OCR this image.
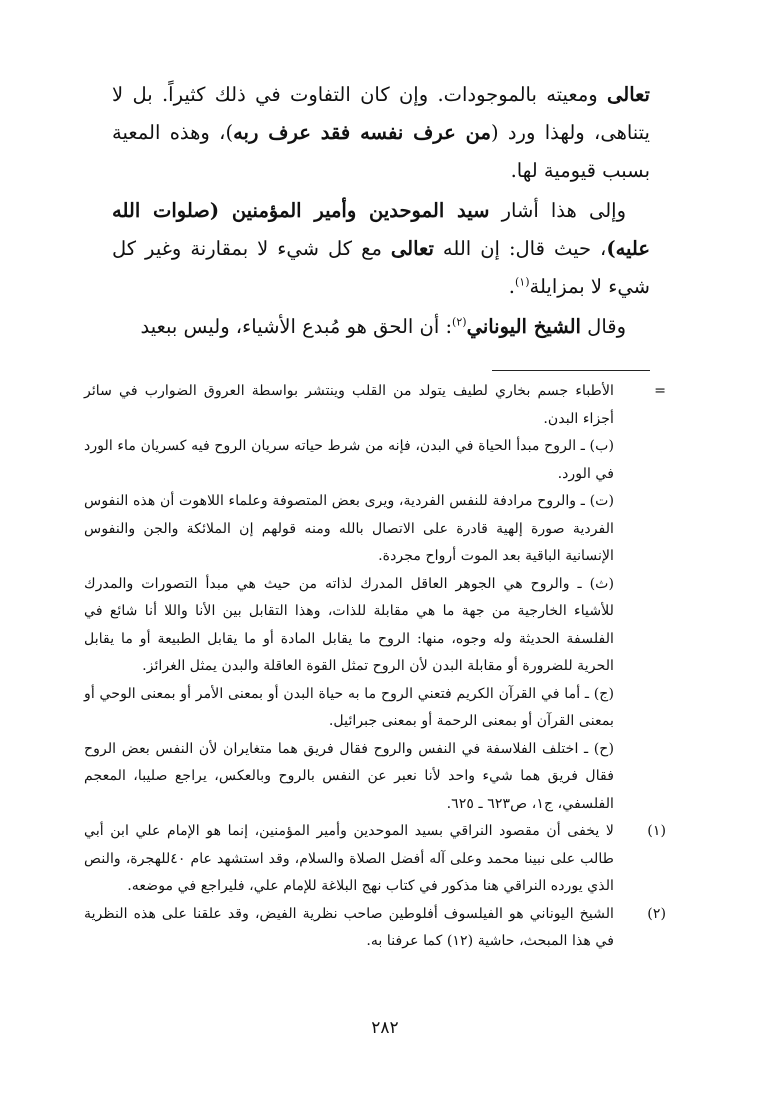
تعالى ومعيته بالموجودات. وإن كان التفاوت في ذلك كثيراً. بل لا يتناهى، ولهذا ورد (من عرف نفسه فقد عرف ربه)، وهذه المعية بسبب قيومية لها.

وإلى هذا أشار سيد الموحدين وأمير المؤمنين (صلوات الله عليه)، حيث قال: إن الله تعالى مع كل شيء لا بمقارنة وغير كل شيء لا بمزايلة$^{(١)}$.

وقال الشيخ اليوناني$^{(٢)}$: أن الحق هو مُبدع الأشياء، وليس ببعيد

=

الأطباء جسم بخاري لطيف يتولد من القلب وينتشر بواسطة العروق الضوارب في سائر أجزاء البدن.

(ب) ـ الروح مبدأ الحياة في البدن، فإنه من شرط حياته سريان الروح فيه كسريان ماء الورد في الورد.

(ت) ـ والروح مرادفة للنفس الفردية، ويرى بعض المتصوفة وعلماء اللاهوت أن هذه النفوس الفردية صورة إلهية قادرة على الاتصال بالله ومنه قولهم إن الملائكة والجن والنفوس الإنسانية الباقية بعد الموت أرواح مجردة.

(ث) ـ والروح هي الجوهر العاقل المدرك لذاته من حيث هي مبدأ التصورات والمدرك للأشياء الخارجية من جهة ما هي مقابلة للذات، وهذا التقابل بين الأنا واللا أنا شائع في الفلسفة الحديثة وله وجوه، منها: الروح ما يقابل المادة أو ما يقابل الطبيعة أو ما يقابل الحرية للضرورة أو مقابلة البدن لأن الروح تمثل القوة العاقلة والبدن يمثل الغرائز.

(ج) ـ أما في القرآن الكريم فتعني الروح ما به حياة البدن أو بمعنى الأمر أو بمعنى الوحي أو بمعنى القرآن أو بمعنى الرحمة أو بمعنى جبرائيل.

(ح) ـ اختلف الفلاسفة في النفس والروح فقال فريق هما متغايران لأن النفس بعض الروح فقال فريق هما شيء واحد لأنا نعبر عن النفس بالروح وبالعكس، يراجع صليبا، المعجم الفلسفي، ج١، ص٦٢٣ ـ ٦٢٥.

(١)

لا يخفى أن مقصود النراقي بسيد الموحدين وأمير المؤمنين، إنما هو الإمام علي ابن أبي طالب على نبينا محمد وعلى آله أفضل الصلاة والسلام، وقد استشهد عام ٤٠للهجرة، والنص الذي يورده النراقي هنا مذكور في كتاب نهج البلاغة للإمام علي، فليراجع في موضعه.

(٢)

الشيخ اليوناني هو الفيلسوف أفلوطين صاحب نظرية الفيض، وقد علقنا على هذه النظرية في هذا المبحث، حاشية (١٢) كما عرفنا به.

٢٨٢
